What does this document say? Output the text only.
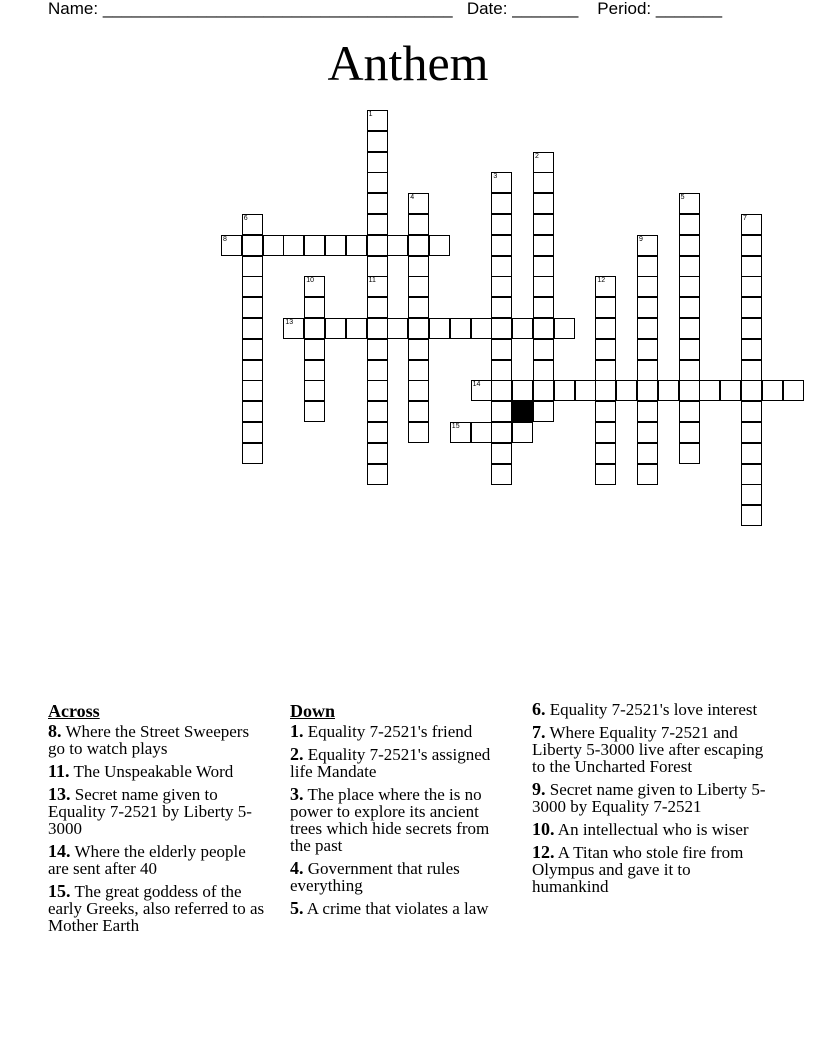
Name: _____________________________________ Date: _______ Period: _______
Anthem
1
11
2
3
4	5
6	7
8	9
10	12
13
14
15
Across
8. Where the Street Sweepers go to watch plays
11. The Unspeakable Word
13. Secret name given to Equality 7-2521 by Liberty 5-3000
14. Where the elderly people are sent after 40
15. The great goddess of the early Greeks, also referred to as Mother Earth
Down
1. Equality 7-2521's friend
2. Equality 7-2521's assigned life Mandate
3. The place where the is no power to explore its ancient trees which hide secrets from the past
4. Government that rules everything
5. A crime that violates a law
6. Equality 7-2521's love interest
7. Where Equality 7-2521 and Liberty 5-3000 live after escaping to the Uncharted Forest
9. Secret name given to Liberty 5-3000 by Equality 7-2521
10. An intellectual who is wiser
12. A Titan who stole fire from Olympus and gave it to humankind
